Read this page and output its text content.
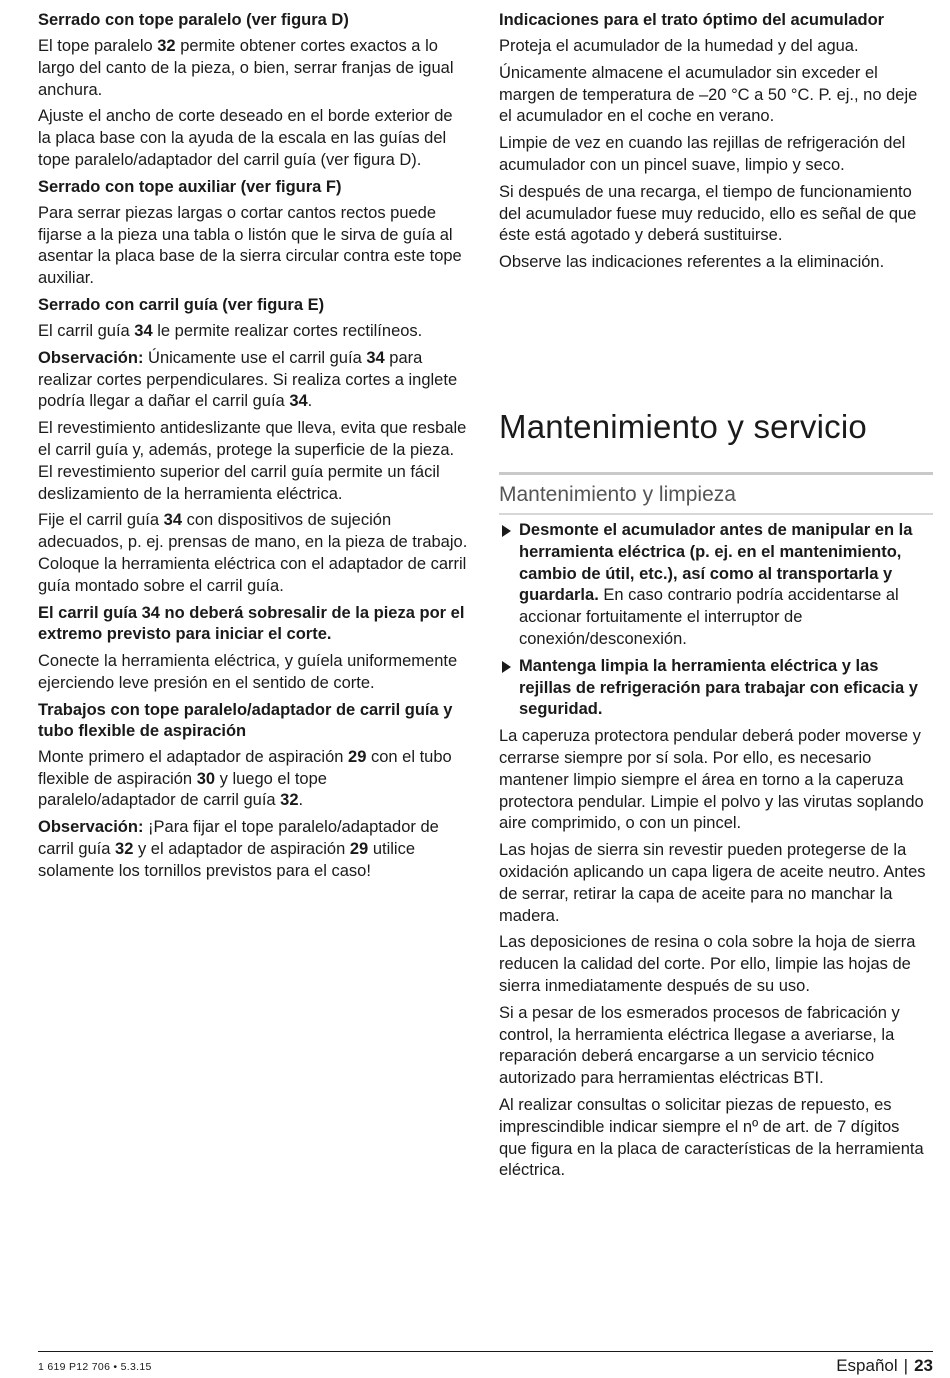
Serrado con tope paralelo (ver figura D)

El tope paralelo 32 permite obtener cortes exactos a lo largo del canto de la pieza, o bien, serrar franjas de igual anchura.

Ajuste el ancho de corte deseado en el borde exterior de la placa base con la ayuda de la escala en las guías del tope paralelo/adaptador del carril guía (ver figura D).

Serrado con tope auxiliar (ver figura F)

Para serrar piezas largas o cortar cantos rectos puede fijarse a la pieza una tabla o listón que le sirva de guía al asentar la placa base de la sierra circular contra este tope auxiliar.

Serrado con carril guía (ver figura E)

El carril guía 34 le permite realizar cortes rectilíneos.

Observación: Únicamente use el carril guía 34 para realizar cortes perpendiculares. Si realiza cortes a inglete podría llegar a dañar el carril guía 34.

El revestimiento antideslizante que lleva, evita que resbale el carril guía y, además, protege la superficie de la pieza. El revestimiento superior del carril guía permite un fácil deslizamiento de la herramienta eléctrica.

Fije el carril guía 34 con dispositivos de sujeción adecuados, p. ej. prensas de mano, en la pieza de trabajo. Coloque la herramienta eléctrica con el adaptador de carril guía montado sobre el carril guía.

El carril guía 34 no deberá sobresalir de la pieza por el extremo previsto para iniciar el corte.

Conecte la herramienta eléctrica, y guíela uniformemente ejerciendo leve presión en el sentido de corte.

Trabajos con tope paralelo/adaptador de carril guía y tubo flexible de aspiración

Monte primero el adaptador de aspiración 29 con el tubo flexible de aspiración 30 y luego el tope paralelo/adaptador de carril guía 32.

Observación: ¡Para fijar el tope paralelo/adaptador de carril guía 32 y el adaptador de aspiración 29 utilice solamente los tornillos previstos para el caso!

Indicaciones para el trato óptimo del acumulador

Proteja el acumulador de la humedad y del agua.

Únicamente almacene el acumulador sin exceder el margen de temperatura de –20 °C a 50 °C. P. ej., no deje el acumulador en el coche en verano.

Limpie de vez en cuando las rejillas de refrigeración del acumulador con un pincel suave, limpio y seco.

Si después de una recarga, el tiempo de funcionamiento del acumulador fuese muy reducido, ello es señal de que éste está agotado y deberá sustituirse.

Observe las indicaciones referentes a la eliminación.

Mantenimiento y servicio
Mantenimiento y limpieza
Desmonte el acumulador antes de manipular en la herramienta eléctrica (p. ej. en el mantenimiento, cambio de útil, etc.), así como al transportarla y guardarla. En caso contrario podría accidentarse al accionar fortuitamente el interruptor de conexión/desconexión.
Mantenga limpia la herramienta eléctrica y las rejillas de refrigeración para trabajar con eficacia y seguridad.

La caperuza protectora pendular deberá poder moverse y cerrarse siempre por sí sola. Por ello, es necesario mantener limpio siempre el área en torno a la caperuza protectora pendular. Limpie el polvo y las virutas soplando aire comprimido, o con un pincel.

Las hojas de sierra sin revestir pueden protegerse de la oxidación aplicando un capa ligera de aceite neutro. Antes de serrar, retirar la capa de aceite para no manchar la madera.

Las deposiciones de resina o cola sobre la hoja de sierra reducen la calidad del corte. Por ello, limpie las hojas de sierra inmediatamente después de su uso.

Si a pesar de los esmerados procesos de fabricación y control, la herramienta eléctrica llegase a averiarse, la reparación deberá encargarse a un servicio técnico autorizado para herramientas eléctricas BTI.

Al realizar consultas o solicitar piezas de repuesto, es imprescindible indicar siempre el nº de art. de 7 dígitos que figura en la placa de características de la herramienta eléctrica.

1 619 P12 706 • 5.3.15	Español | 23
